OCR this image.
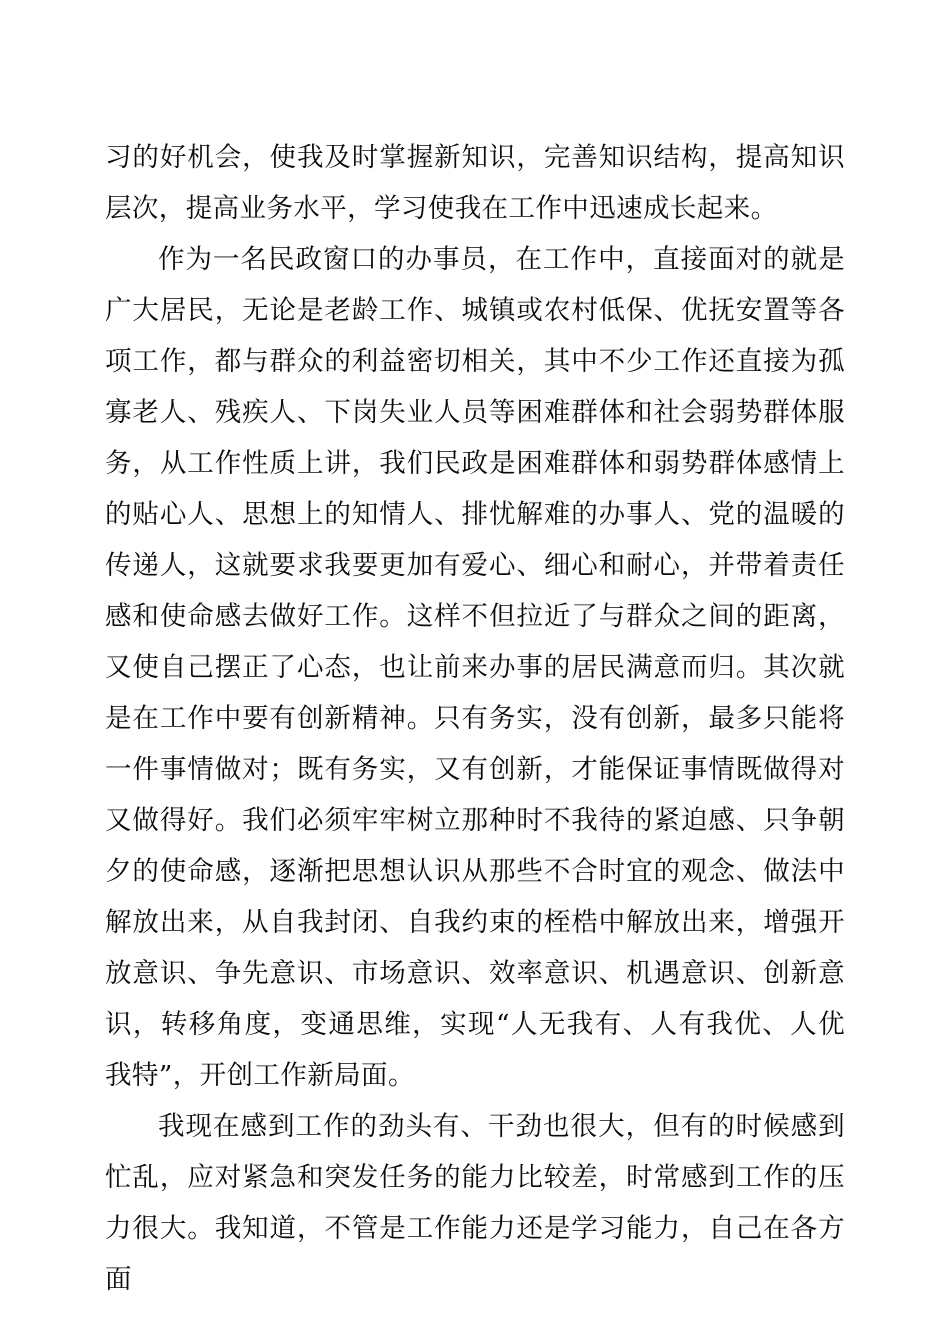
习的好机会，使我及时掌握新知识，完善知识结构，提高知识层次，提高业务水平，学习使我在工作中迅速成长起来。

作为一名民政窗口的办事员，在工作中，直接面对的就是广大居民，无论是老龄工作、城镇或农村低保、优抚安置等各项工作，都与群众的利益密切相关，其中不少工作还直接为孤寡老人、残疾人、下岗失业人员等困难群体和社会弱势群体服务，从工作性质上讲，我们民政是困难群体和弱势群体感情上的贴心人、思想上的知情人、排忧解难的办事人、党的温暖的传递人，这就要求我要更加有爱心、细心和耐心，并带着责任感和使命感去做好工作。这样不但拉近了与群众之间的距离，又使自己摆正了心态，也让前来办事的居民满意而归。其次就是在工作中要有创新精神。只有务实，没有创新，最多只能将一件事情做对；既有务实，又有创新，才能保证事情既做得对又做得好。我们必须牢牢树立那种时不我待的紧迫感、只争朝夕的使命感，逐渐把思想认识从那些不合时宜的观念、做法中解放出来，从自我封闭、自我约束的桎梏中解放出来，增强开放意识、争先意识、市场意识、效率意识、机遇意识、创新意识，转移角度，变通思维，实现“人无我有、人有我优、人优我特”，开创工作新局面。

我现在感到工作的劲头有、干劲也很大，但有的时候感到忙乱，应对紧急和突发任务的能力比较差，时常感到工作的压力很大。我知道，不管是工作能力还是学习能力，自己在各方面
